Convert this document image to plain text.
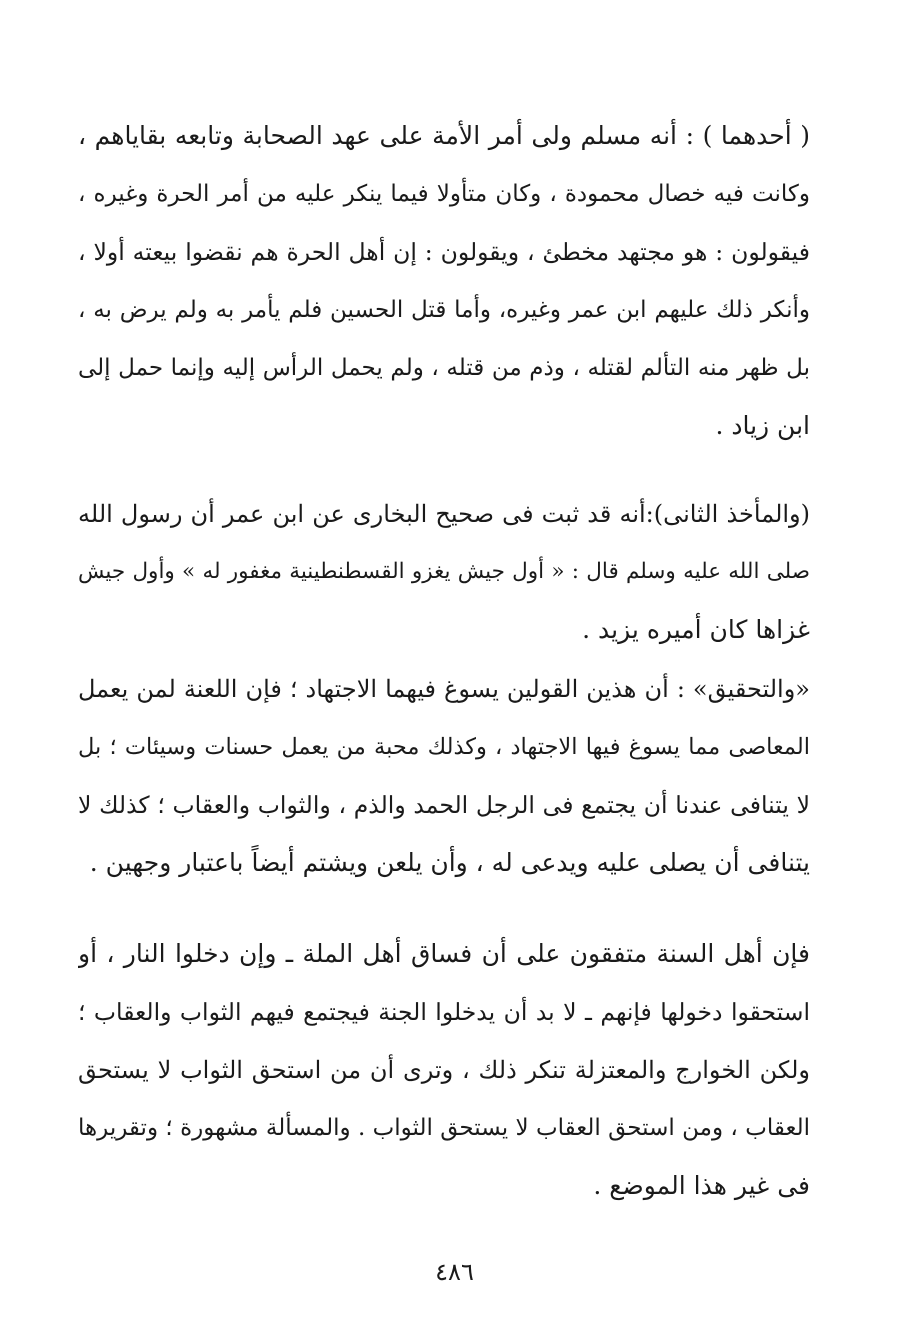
( أحدهما ) : أنه مسلم ولى أمر الأمة على عهد الصحابة وتابعه بقاياهم ،
وكانت فيه خصال محمودة ، وكان متأولا فيما ينكر عليه من أمر الحرة وغيره ،
فيقولون : هو مجتهد مخطئ ، ويقولون : إن أهل الحرة هم نقضوا بيعته أولا ،
وأنكر ذلك عليهم ابن عمر وغيره، وأما قتل الحسين فلم يأمر به ولم يرض به ،
بل ظهر منه التألم لقتله ، وذم من قتله ، ولم يحمل الرأس إليه وإنما حمل إلى
ابن زياد .
(والمأخذ الثانى):أنه قد ثبت فى صحيح البخارى عن ابن عمر أن رسول الله
صلى الله عليه وسلم قال : « أول جيش يغزو القسطنطينية مغفور له » وأول جيش
غزاها كان أميره يزيد .
«والتحقيق» : أن هذين القولين يسوغ فيهما الاجتهاد ؛ فإن اللعنة لمن يعمل
المعاصى مما يسوغ فيها الاجتهاد ، وكذلك محبة من يعمل حسنات وسيئات ؛ بل
لا يتنافى عندنا أن يجتمع فى الرجل الحمد والذم ، والثواب والعقاب ؛ كذلك لا
يتنافى أن يصلى عليه ويدعى له ، وأن يلعن ويشتم أيضاً باعتبار وجهين .
فإن أهل السنة متفقون على أن فساق أهل الملة ـ وإن دخلوا النار ، أو
استحقوا دخولها فإنهم ـ لا بد أن يدخلوا الجنة فيجتمع فيهم الثواب والعقاب ؛
ولكن الخوارج والمعتزلة تنكر ذلك ، وترى أن من استحق الثواب لا يستحق
العقاب ، ومن استحق العقاب لا يستحق الثواب . والمسألة مشهورة ؛ وتقريرها
فى غير هذا الموضع .
٤٨٦
